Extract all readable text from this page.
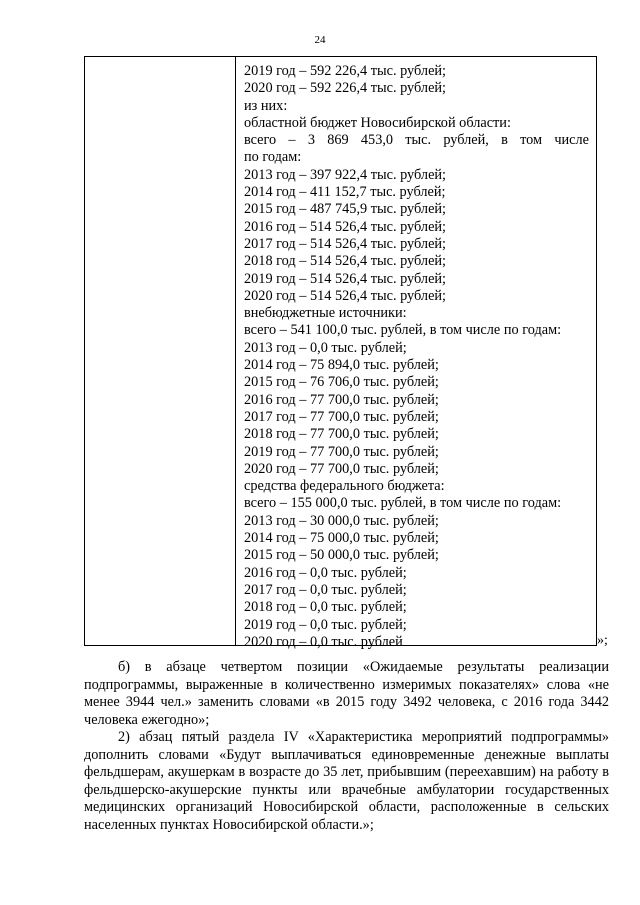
24
2019 год – 592 226,4 тыс. рублей;
2020 год – 592 226,4 тыс. рублей;
из них:
областной бюджет Новосибирской области:
всего – 3 869 453,0 тыс. рублей, в том числе
по годам:
2013 год – 397 922,4 тыс. рублей;
2014 год – 411 152,7 тыс. рублей;
2015 год – 487 745,9 тыс. рублей;
2016 год – 514 526,4 тыс. рублей;
2017 год – 514 526,4 тыс. рублей;
2018 год – 514 526,4 тыс. рублей;
2019 год – 514 526,4 тыс. рублей;
2020 год – 514 526,4 тыс. рублей;
внебюджетные источники:
всего – 541 100,0 тыс. рублей, в том числе по годам:
2013 год – 0,0 тыс. рублей;
2014 год – 75 894,0 тыс. рублей;
2015 год – 76 706,0 тыс. рублей;
2016 год – 77 700,0 тыс. рублей;
2017 год – 77 700,0 тыс. рублей;
2018 год – 77 700,0 тыс. рублей;
2019 год – 77 700,0 тыс. рублей;
2020 год – 77 700,0 тыс. рублей;
средства федерального бюджета:
всего – 155 000,0 тыс. рублей, в том числе по годам:
2013 год – 30 000,0 тыс. рублей;
2014 год – 75 000,0 тыс. рублей;
2015 год – 50 000,0 тыс. рублей;
2016 год – 0,0 тыс. рублей;
2017 год – 0,0 тыс. рублей;
2018 год – 0,0 тыс. рублей;
2019 год – 0,0 тыс. рублей;
2020 год – 0,0 тыс. рублей	»;

б) в абзаце четвертом позиции «Ожидаемые результаты реализации подпрограммы, выраженные в количественно измеримых показателях» слова «не менее 3944 чел.» заменить словами «в 2015 году 3492 человека, с 2016 года 3442 человека ежегодно»;

2) абзац пятый раздела IV «Характеристика мероприятий подпрограммы» дополнить словами «Будут выплачиваться единовременные денежные выплаты фельдшерам, акушеркам в возрасте до 35 лет, прибывшим (переехавшим) на работу в фельдшерско-акушерские пункты или врачебные амбулатории государственных медицинских организаций Новосибирской области, расположенные в сельских населенных пунктах Новосибирской области.»;
